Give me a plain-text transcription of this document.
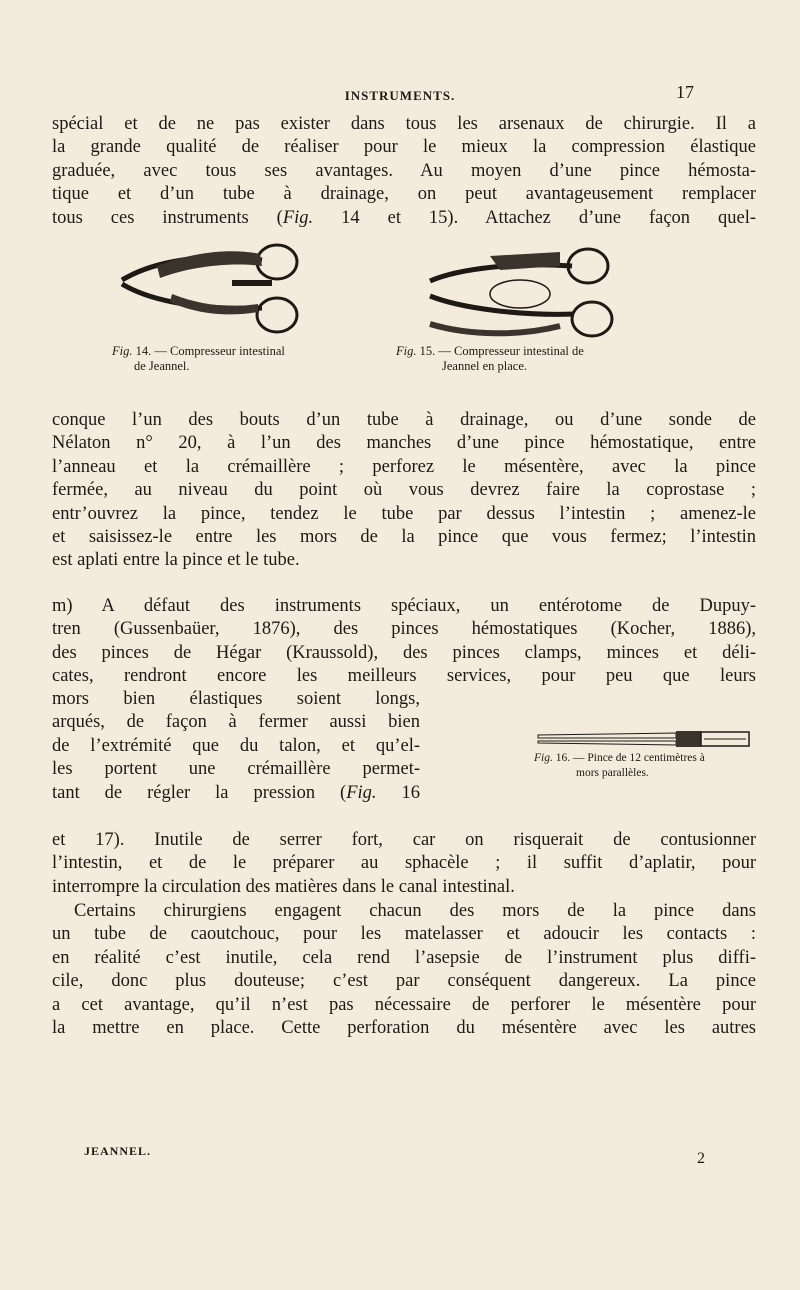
INSTRUMENTS.	17
spécial et de ne pas exister dans tous les arsenaux de chirurgie. Il a
la grande qualité de réaliser pour le mieux la compression élastique
graduée, avec tous ses avantages. Au moyen d’une pince hémosta-
tique et d’un tube à drainage, on peut avantageusement remplacer
tous ces instruments (Fig. 14 et 15). Attachez d’une façon quel-
Fig. 14. — Compresseur intestinal
de Jeannel.
Fig. 15. — Compresseur intestinal de
Jeannel en place.
conque l’un des bouts d’un tube à drainage, ou d’une sonde de
Nélaton n° 20, à l’un des manches d’une pince hémostatique, entre
l’anneau et la crémaillère ; perforez le mésentère, avec la pince
fermée, au niveau du point où vous devrez faire la coprostase ;
entr’ouvrez la pince, tendez le tube par dessus l’intestin ; amenez-le
et saisissez-le entre les mors de la pince que vous fermez; l’intestin
est aplati entre la pince et le tube.
m) A défaut des instruments spéciaux, un entérotome de Dupuy-
tren (Gussenbaüer, 1876), des pinces hémostatiques (Kocher, 1886),
des pinces de Hégar (Kraussold), des pinces clamps, minces et déli-
cates, rendront encore les meilleurs services, pour peu que leurs
mors bien élastiques soient longs,
arqués, de façon à fermer aussi bien
de l’extrémité que du talon, et qu’el-
les portent une crémaillère permet-
tant de régler la pression (Fig. 16
Fig. 16. — Pince de 12 centimètres à
mors parallèles.
et 17). Inutile de serrer fort, car on risquerait de contusionner
l’intestin, et de le préparer au sphacèle ; il suffit d’aplatir, pour
interrompre la circulation des matières dans le canal intestinal.
Certains chirurgiens engagent chacun des mors de la pince dans
un tube de caoutchouc, pour les matelasser et adoucir les contacts :
en réalité c’est inutile, cela rend l’asepsie de l’instrument plus diffi-
cile, donc plus douteuse; c’est par conséquent dangereux. La pince
a cet avantage, qu’il n’est pas nécessaire de perforer le mésentère pour
la mettre en place. Cette perforation du mésentère avec les autres
JEANNEL.	2
